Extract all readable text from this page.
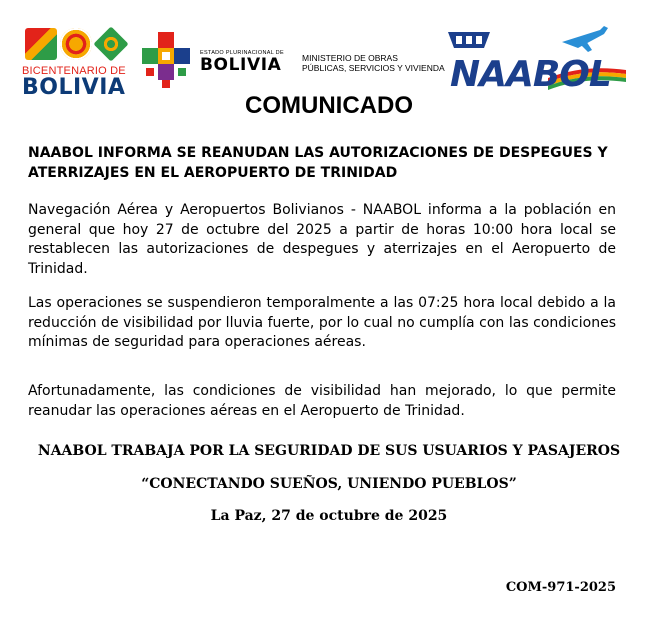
BICENTENARIO DE
BOLIVIA
ESTADO PLURINACIONAL DE
BOLIVIA MINISTERIO DE OBRAS
PÚBLICAS, SERVICIOS Y VIVIENDA NAABOL
COMUNICADO
NAABOL INFORMA SE REANUDAN LAS AUTORIZACIONES DE DESPEGUES Y ATERRIZAJES EN EL AEROPUERTO DE TRINIDAD
Navegación Aérea y Aeropuertos Bolivianos - NAABOL informa a la población en general que hoy 27 de octubre del 2025 a partir de horas 10:00 hora local se restablecen las autorizaciones de despegues y aterrizajes en el Aeropuerto de Trinidad.
Las operaciones se suspendieron temporalmente a las 07:25 hora local debido a la reducción de visibilidad por lluvia fuerte, por lo cual no cumplía con las condiciones mínimas de seguridad para operaciones aéreas.
Afortunadamente, las condiciones de visibilidad han mejorado, lo que permite reanudar las operaciones aéreas en el Aeropuerto de Trinidad.
NAABOL TRABAJA POR LA SEGURIDAD DE SUS USUARIOS Y PASAJEROS
“CONECTANDO SUEÑOS, UNIENDO PUEBLOS”
La Paz, 27 de octubre de 2025
COM-971-2025
